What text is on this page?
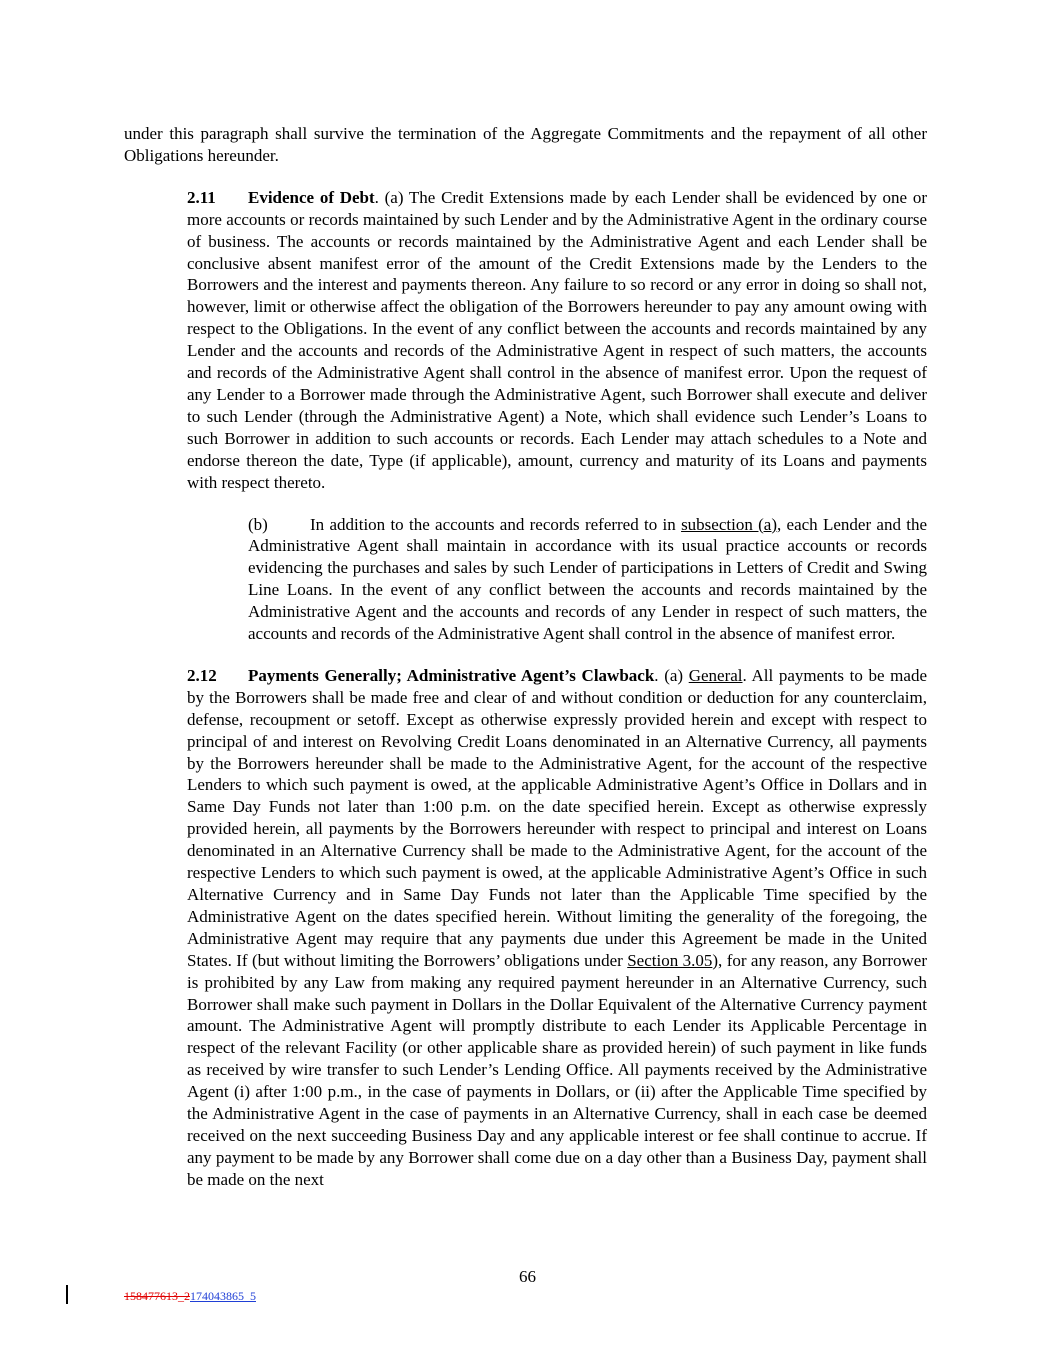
under this paragraph shall survive the termination of the Aggregate Commitments and the repayment of all other Obligations hereunder.

2.11 Evidence of Debt. (a) The Credit Extensions made by each Lender shall be evidenced by one or more accounts or records maintained by such Lender and by the Administrative Agent in the ordinary course of business. The accounts or records maintained by the Administrative Agent and each Lender shall be conclusive absent manifest error of the amount of the Credit Extensions made by the Lenders to the Borrowers and the interest and payments thereon. Any failure to so record or any error in doing so shall not, however, limit or otherwise affect the obligation of the Borrowers hereunder to pay any amount owing with respect to the Obligations. In the event of any conflict between the accounts and records maintained by any Lender and the accounts and records of the Administrative Agent in respect of such matters, the accounts and records of the Administrative Agent shall control in the absence of manifest error. Upon the request of any Lender to a Borrower made through the Administrative Agent, such Borrower shall execute and deliver to such Lender (through the Administrative Agent) a Note, which shall evidence such Lender’s Loans to such Borrower in addition to such accounts or records. Each Lender may attach schedules to a Note and endorse thereon the date, Type (if applicable), amount, currency and maturity of its Loans and payments with respect thereto.

(b) In addition to the accounts and records referred to in subsection (a), each Lender and the Administrative Agent shall maintain in accordance with its usual practice accounts or records evidencing the purchases and sales by such Lender of participations in Letters of Credit and Swing Line Loans. In the event of any conflict between the accounts and records maintained by the Administrative Agent and the accounts and records of any Lender in respect of such matters, the accounts and records of the Administrative Agent shall control in the absence of manifest error.

2.12 Payments Generally; Administrative Agent’s Clawback. (a) General. All payments to be made by the Borrowers shall be made free and clear of and without condition or deduction for any counterclaim, defense, recoupment or setoff. Except as otherwise expressly provided herein and except with respect to principal of and interest on Revolving Credit Loans denominated in an Alternative Currency, all payments by the Borrowers hereunder shall be made to the Administrative Agent, for the account of the respective Lenders to which such payment is owed, at the applicable Administrative Agent’s Office in Dollars and in Same Day Funds not later than 1:00 p.m. on the date specified herein. Except as otherwise expressly provided herein, all payments by the Borrowers hereunder with respect to principal and interest on Loans denominated in an Alternative Currency shall be made to the Administrative Agent, for the account of the respective Lenders to which such payment is owed, at the applicable Administrative Agent’s Office in such Alternative Currency and in Same Day Funds not later than the Applicable Time specified by the Administrative Agent on the dates specified herein. Without limiting the generality of the foregoing, the Administrative Agent may require that any payments due under this Agreement be made in the United States. If (but without limiting the Borrowers’ obligations under Section 3.05), for any reason, any Borrower is prohibited by any Law from making any required payment hereunder in an Alternative Currency, such Borrower shall make such payment in Dollars in the Dollar Equivalent of the Alternative Currency payment amount. The Administrative Agent will promptly distribute to each Lender its Applicable Percentage in respect of the relevant Facility (or other applicable share as provided herein) of such payment in like funds as received by wire transfer to such Lender’s Lending Office. All payments received by the Administrative Agent (i) after 1:00 p.m., in the case of payments in Dollars, or (ii) after the Applicable Time specified by the Administrative Agent in the case of payments in an Alternative Currency, shall in each case be deemed received on the next succeeding Business Day and any applicable interest or fee shall continue to accrue. If any payment to be made by any Borrower shall come due on a day other than a Business Day, payment shall be made on the next

66
158477613_2174043865_5
